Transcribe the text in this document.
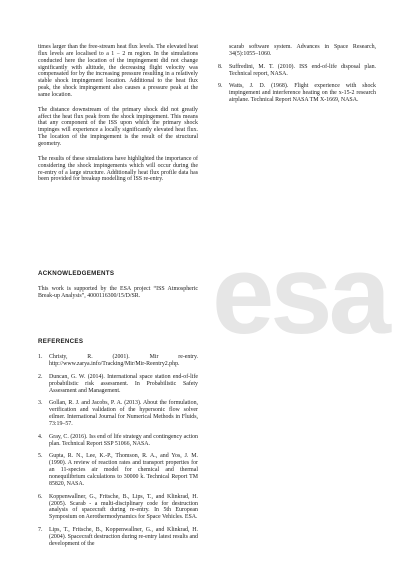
esa

times larger than the free-stream heat flux levels. The elevated heat flux levels are localised to a 1 − 2 m region. In the simulations conducted here the location of the impingement did not change significantly with altitude, the decreasing flight velocity was compensated for by the increasing pressure resulting in a relatively stable shock impingement location. Additional to the heat flux peak, the shock impingement also causes a pressure peak at the same location.

The distance downstream of the primary shock did not greatly affect the heat flux peak from the shock impingement. This means that any component of the ISS upon which the primary shock impinges will experience a locally significantly elevated heat flux. The location of the impingement is the result of the structural geometry.

The results of these simulations have highlighted the importance of considering the shock impingements which will occur during the re-entry of a large structure. Additionally heat flux profile data has been provided for breakup modelling of ISS re-entry.

ACKNOWLEDGEMENTS

This work is supported by the ESA project “ISS Atmospheric Break-up Analysis”, 4000116300/15/D/SR.

REFERENCES
1. Christy, R. (2001). Mir re-entry. http://www.zarya.info/Tracking/Mir/Mir-Reentry2.php.
2. Duncan, G. W. (2014). International space station end-of-life probabilistic risk assessment. In Probabilistic Safety Assessment and Management.
3. Gollan, R. J. and Jacobs, P. A. (2013). About the formulation, verification and validation of the hypersonic flow solver eilmer. International Journal for Numerical Methods in Fluids, 73:19–57.
4. Gray, C. (2016). Iss end of life strategy and contingency action plan. Technical Report SSP 51066, NASA.
5. Gupta, R. N., Lee, K.-P., Thomson, R. A., and Yos, J. M. (1990). A review of reaction rates and transport properties for an 11-species air model for chemical and thermal nonequilibrium calculations to 30000 k. Technical Report TM 85820, NASA.
6. Koppenwallner, G., Fritsche, B., Lips, T., and Klinkrad, H. (2005). Scarab - a multi-disciplinary code for destruction analysis of spacecraft during re-entry. In 5th European Symposium on Aerothermodynamics for Space Vehicles. ESA.
7. Lips, T., Fritsche, B., Koppenwallner, G., and Klinkrad, H. (2004). Spacecraft destruction during re-entry latest results and development of the
scarab software system. Advances in Space Research, 34(5):1055–1060.
8. Suffredini, M. T. (2010). ISS end-of-life disposal plan. Technical report, NASA.
9. Watts, J. D. (1968). Flight experience with shock impingement and interference heating on the x-15-2 research airplane. Technical Report NASA TM X-1669, NASA.
